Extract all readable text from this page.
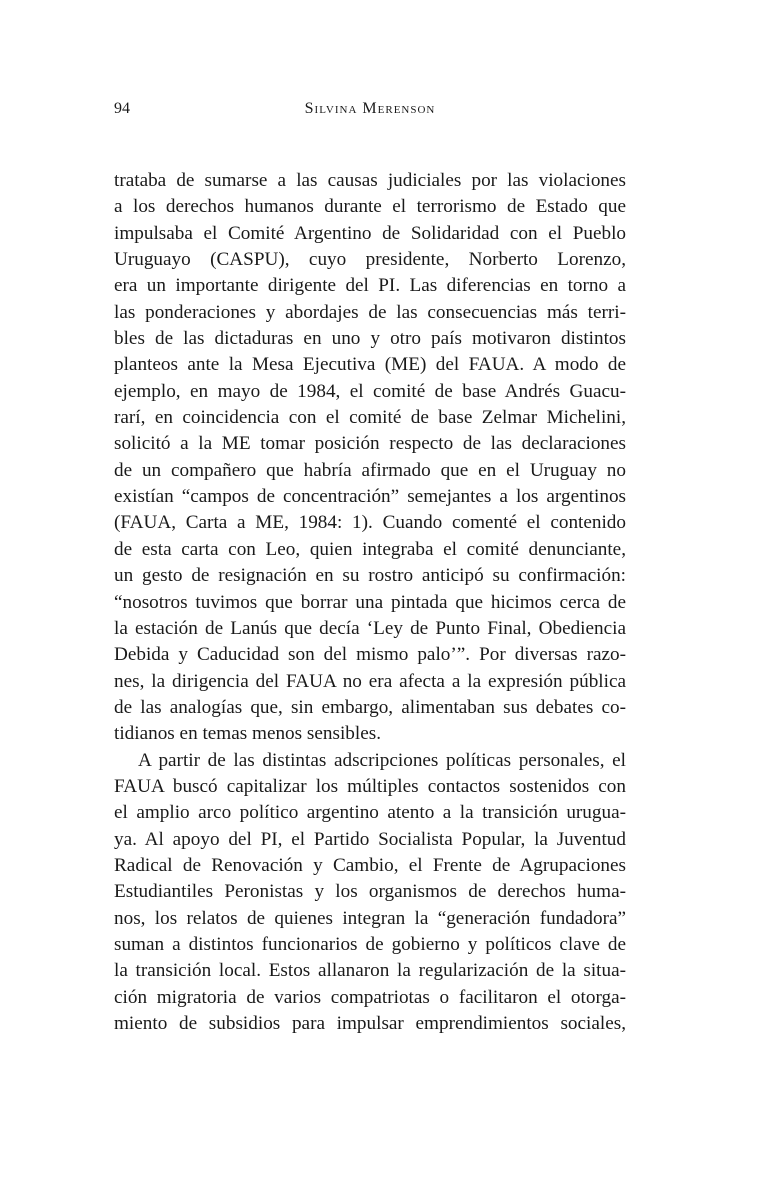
94	Silvina Merenson
trataba de sumarse a las causas judiciales por las violaciones
a los derechos humanos durante el terrorismo de Estado que
impulsaba el Comité Argentino de Solidaridad con el Pueblo
Uruguayo (CASPU), cuyo presidente, Norberto Lorenzo,
era un importante dirigente del PI. Las diferencias en torno a
las ponderaciones y abordajes de las consecuencias más terri-
bles de las dictaduras en uno y otro país motivaron distintos
planteos ante la Mesa Ejecutiva (ME) del FAUA. A modo de
ejemplo, en mayo de 1984, el comité de base Andrés Guacu-
rarí, en coincidencia con el comité de base Zelmar Michelini,
solicitó a la ME tomar posición respecto de las declaraciones
de un compañero que habría afirmado que en el Uruguay no
existían “campos de concentración” semejantes a los argentinos
(FAUA, Carta a ME, 1984: 1). Cuando comenté el contenido
de esta carta con Leo, quien integraba el comité denunciante,
un gesto de resignación en su rostro anticipó su confirmación:
“nosotros tuvimos que borrar una pintada que hicimos cerca de
la estación de Lanús que decía ‘Ley de Punto Final, Obediencia
Debida y Caducidad son del mismo palo’”. Por diversas razo-
nes, la dirigencia del FAUA no era afecta a la expresión pública
de las analogías que, sin embargo, alimentaban sus debates co-
tidianos en temas menos sensibles.
A partir de las distintas adscripciones políticas personales, el
FAUA buscó capitalizar los múltiples contactos sostenidos con
el amplio arco político argentino atento a la transición urugua-
ya. Al apoyo del PI, el Partido Socialista Popular, la Juventud
Radical de Renovación y Cambio, el Frente de Agrupaciones
Estudiantiles Peronistas y los organismos de derechos huma-
nos, los relatos de quienes integran la “generación fundadora”
suman a distintos funcionarios de gobierno y políticos clave de
la transición local. Estos allanaron la regularización de la situa-
ción migratoria de varios compatriotas o facilitaron el otorga-
miento de subsidios para impulsar emprendimientos sociales,
